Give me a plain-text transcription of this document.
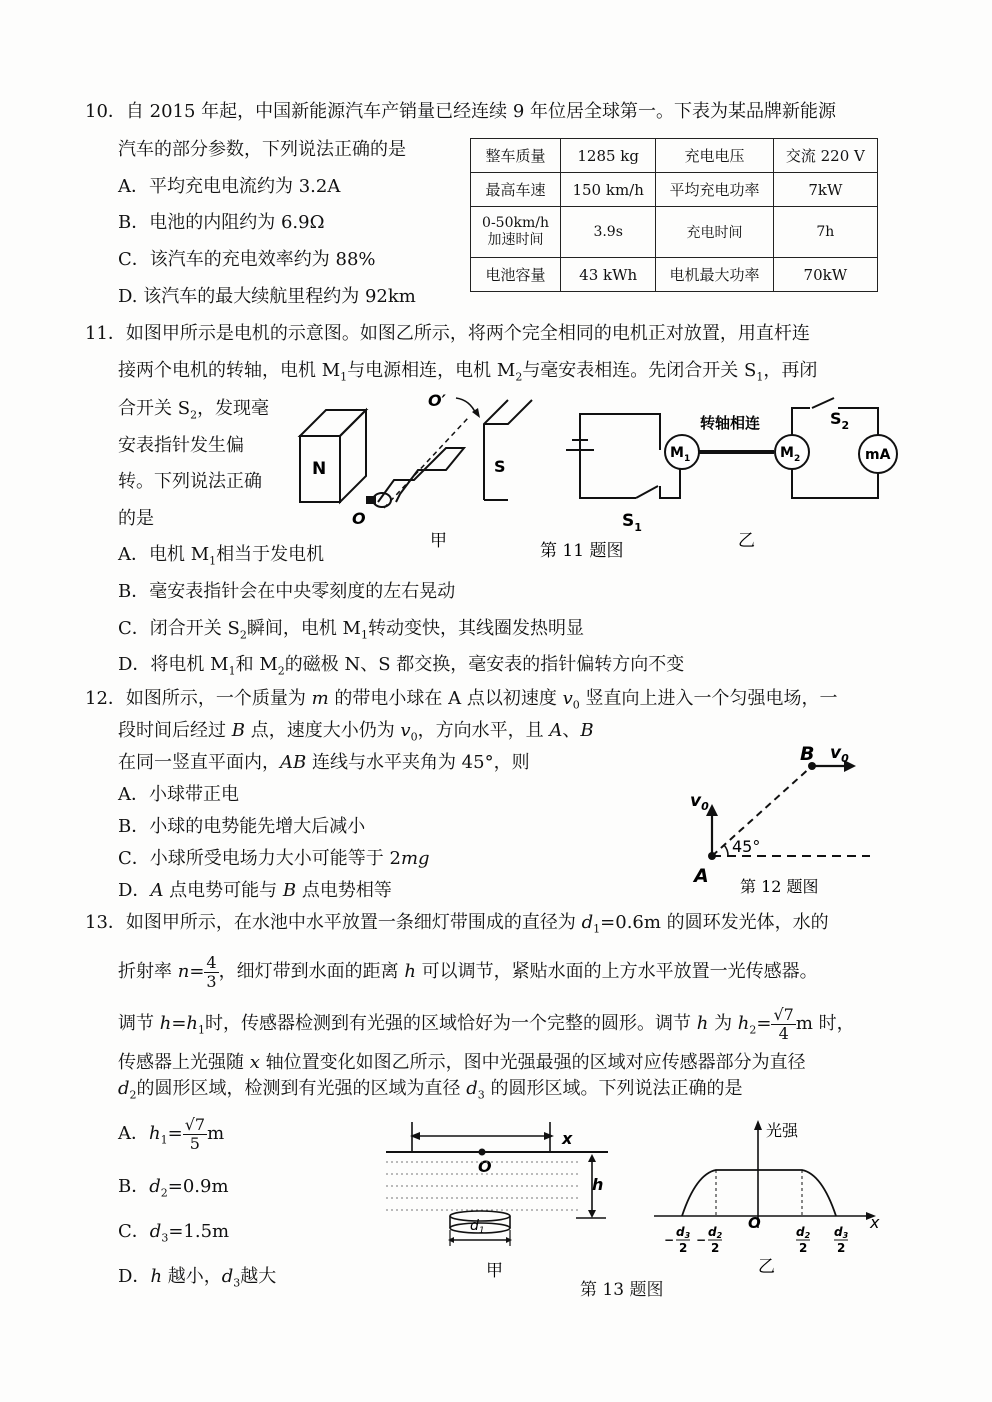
10．自 2015 年起，中国新能源汽车产销量已经连续 9 年位居全球第一。下表为某品牌新能源
汽车的部分参数，下列说法正确的是
A．平均充电电流约为 3.2A
B．电池的内阻约为 6.9Ω
C．该汽车的充电效率约为 88%
D. 该汽车的最大续航里程约为 92km
整车质量	1285 kg	充电电压	交流 220 V
最高车速	150 km/h	平均充电功率	7kW
0-50km/h
加速时间	3.9s	充电时间	7h
电池容量	43 kWh	电机最大功率	70kW
11．如图甲所示是电机的示意图。如图乙所示，将两个完全相同的电机正对放置，用直杆连
接两个电机的转轴，电机 $M_1$与电源相连，电机 $M_2$与毫安表相连。先闭合开关 $S_1$，再闭
合开关 $S_2$，发现毫
安表指针发生偏
转。下列说法正确
的是
A．电机 $M_1$相当于发电机
B．毫安表指针会在中央零刻度的左右晃动
C．闭合开关 $S_2$瞬间，电机 $M_1$转动变快，其线圈发热明显
D．将电机 $M_1$和 $M_2$的磁极 N、S 都交换，毫安表的指针偏转方向不变
N	S
O
O′
甲
$S_1$
$M_1$
转轴相连
$M_2$
$S_2$
mA
第 11 题图	乙
12．如图所示，一个质量为 m 的带电小球在 A 点以初速度 $v_0$ 竖直向上进入一个匀强电场，一
段时间后经过 B 点，速度大小仍为 $v_0$，方向水平，且 A、B
在同一竖直平面内，AB 连线与水平夹角为 45°，则
A．小球带正电
B．小球的电势能先增大后减小
C．小球所受电场力大小可能等于 2mg
D．A 点电势可能与 B 点电势相等
$v_0$
45°
B $v_0$
A 第 12 题图
13．如图甲所示，在水池中水平放置一条细灯带围成的直径为 $d_1=0.6m$ 的圆环发光体，水的
折射率 $n= \frac{4}{3}$ ，细灯带到水面的距离 h 可以调节，紧贴水面的上方水平放置一光传感器。
调节 $h=h_1$时，传感器检测到有光强的区域恰好为一个完整的圆形。调节 h 为 $h_2= \frac{√7}{4}$ m 时，
传感器上光强随 x 轴位置变化如图乙所示，图中光强最强的区域对应传感器部分为直径
$d_2$的圆形区域，检测到有光强的区域为直径 $d_3$ 的圆形区域。下列说法正确的是
A．$h_1= \frac{√7}{5}$ m
B．$d_2=0.9m$
C．$d_3=1.5m$
D．h 越小，$d_3$越大
O
x
h
$d_1$
甲
光强
x
O
−
d3
2
−
d2
2
d2
2
d3
2
乙
第 13 题图
